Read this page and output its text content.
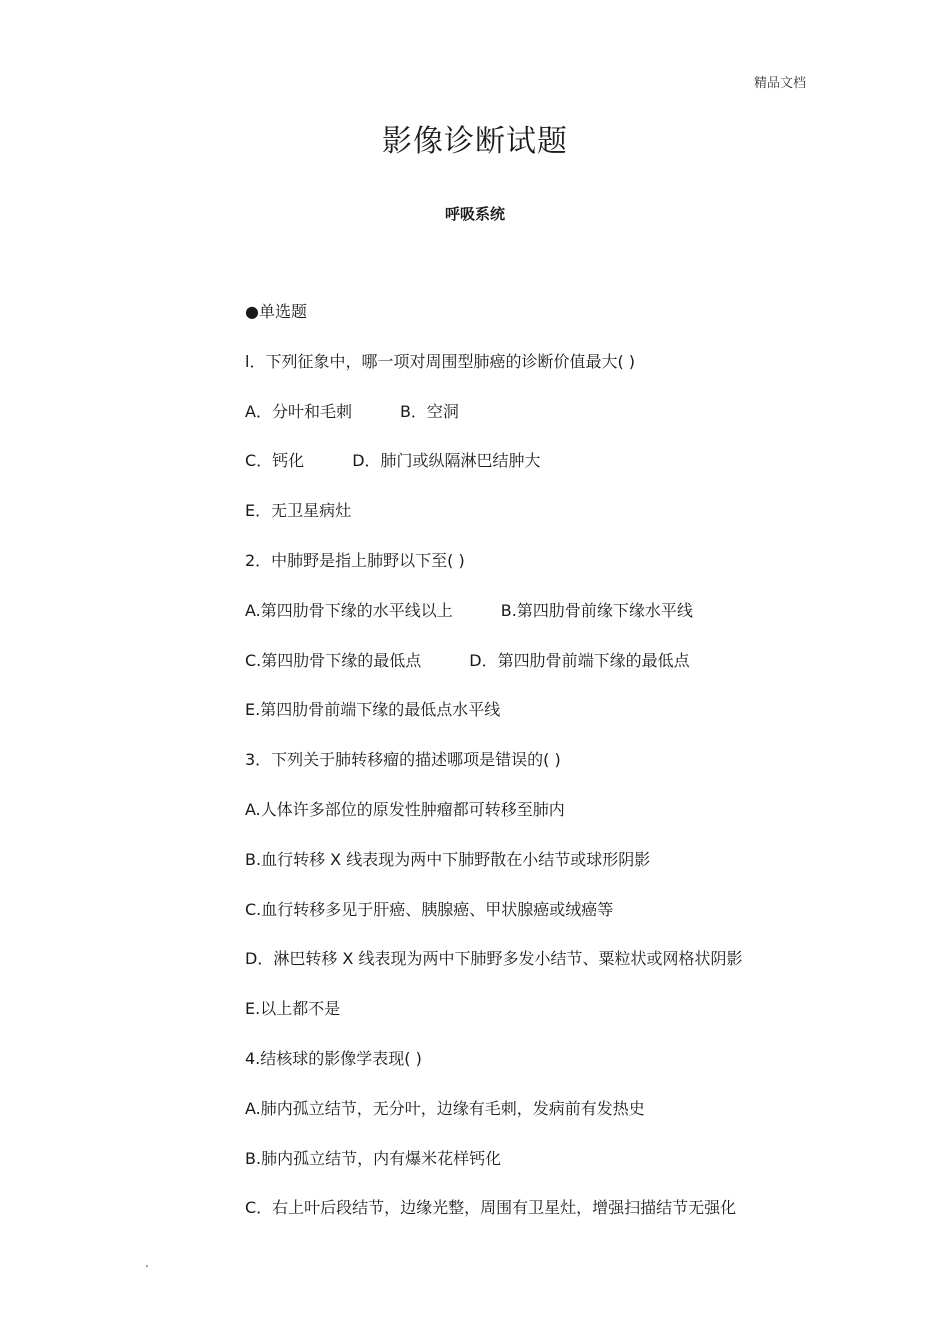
精品文档
影像诊断试题
呼吸系统
●单选题
l．下列征象中，哪一项对周围型肺癌的诊断价值最大( )
A．分叶和毛刺	B．空洞
C．钙化	D．肺门或纵隔淋巴结肿大
E．无卫星病灶
2．中肺野是指上肺野以下至( )
A.第四肋骨下缘的水平线以上	B.第四肋骨前缘下缘水平线
C.第四肋骨下缘的最低点	D．第四肋骨前端下缘的最低点
E.第四肋骨前端下缘的最低点水平线
3．下列关于肺转移瘤的描述哪项是错误的( )
A.人体许多部位的原发性肿瘤都可转移至肺内
B.血行转移 X 线表现为两中下肺野散在小结节或球形阴影
C.血行转移多见于肝癌、胰腺癌、甲状腺癌或绒癌等
D．淋巴转移 X 线表现为两中下肺野多发小结节、粟粒状或网格状阴影
E.以上都不是
4.结核球的影像学表现( )
A.肺内孤立结节，无分叶，边缘有毛刺，发病前有发热史
B.肺内孤立结节，内有爆米花样钙化
C．右上叶后段结节，边缘光整，周围有卫星灶，增强扫描结节无强化
.
